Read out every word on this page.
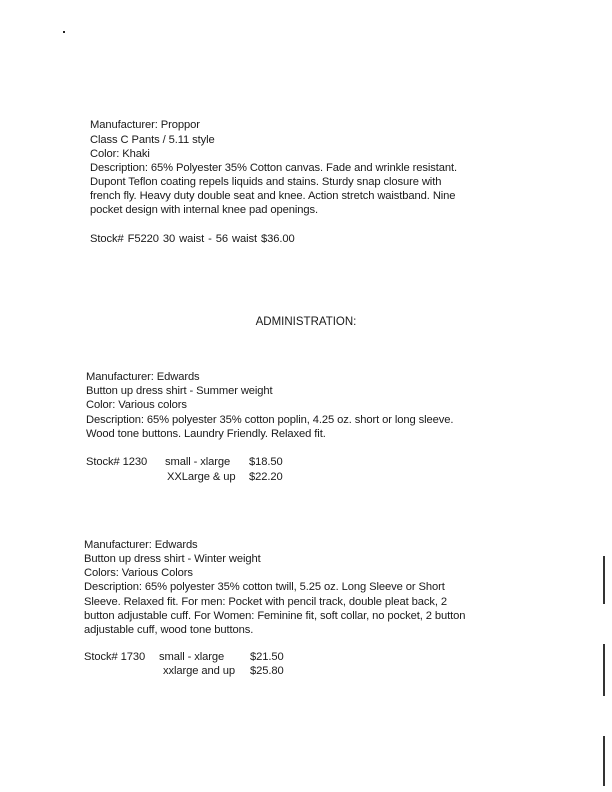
Manufacturer: Proppor
Class C Pants / 5.11 style
Color: Khaki
Description: 65% Polyester 35% Cotton canvas. Fade and wrinkle resistant.
Dupont Teflon coating repels liquids and stains. Sturdy snap closure with
french fly. Heavy duty double seat and knee. Action stretch waistband. Nine
pocket design with internal knee pad openings.
Stock# F5220 30 waist - 56 waist $36.00
ADMINISTRATION:
Manufacturer: Edwards
Button up dress shirt - Summer weight
Color: Various colors
Description: 65% polyester 35% cotton poplin, 4.25 oz. short or long sleeve.
Wood tone buttons. Laundry Friendly. Relaxed fit.
Stock# 1230 small - xlarge $18.50
XXLarge & up $22.20
Manufacturer: Edwards
Button up dress shirt - Winter weight
Colors: Various Colors
Description: 65% polyester 35% cotton twill, 5.25 oz. Long Sleeve or Short
Sleeve. Relaxed fit. For men: Pocket with pencil track, double pleat back, 2
button adjustable cuff. For Women: Feminine fit, soft collar, no pocket, 2 button
adjustable cuff, wood tone buttons.
Stock# 1730 small - xlarge $21.50
xxlarge and up $25.80
